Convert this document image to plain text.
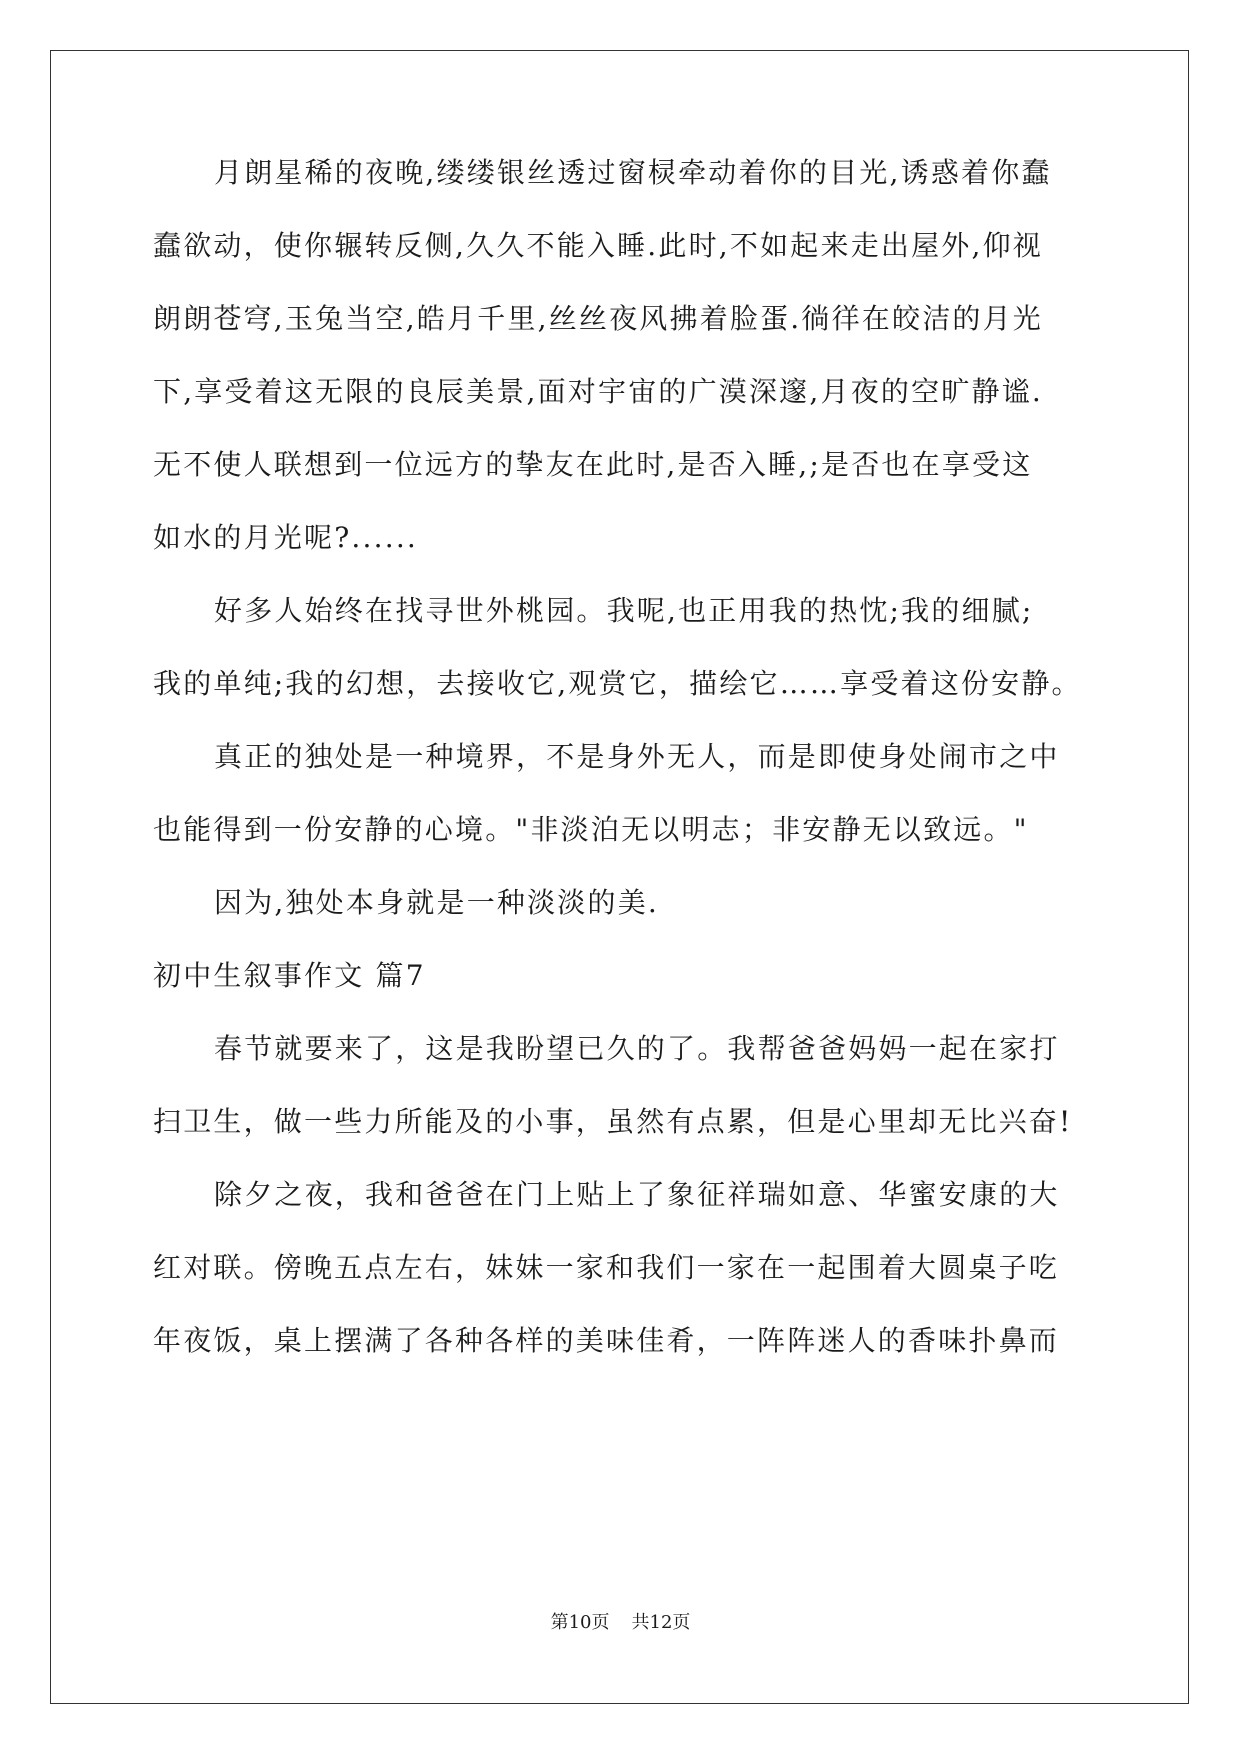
月朗星稀的夜晚,缕缕银丝透过窗棂牵动着你的目光,诱惑着你蠢
蠢欲动，使你辗转反侧,久久不能入睡.此时,不如起来走出屋外,仰视
朗朗苍穹,玉兔当空,皓月千里,丝丝夜风拂着脸蛋.徜徉在皎洁的月光
下,享受着这无限的良辰美景,面对宇宙的广漠深邃,月夜的空旷静谧.
无不使人联想到一位远方的挚友在此时,是否入睡,;是否也在享受这
如水的月光呢?......
好多人始终在找寻世外桃园。我呢,也正用我的热忱;我的细腻;
我的单纯;我的幻想，去接收它,观赏它，描绘它……享受着这份安静。
真正的独处是一种境界，不是身外无人，而是即使身处闹市之中
也能得到一份安静的心境。"非淡泊无以明志；非安静无以致远。"
因为,独处本身就是一种淡淡的美.
初中生叙事作文 篇7
春节就要来了，这是我盼望已久的了。我帮爸爸妈妈一起在家打
扫卫生，做一些力所能及的小事，虽然有点累，但是心里却无比兴奋!
除夕之夜，我和爸爸在门上贴上了象征祥瑞如意、华蜜安康的大
红对联。傍晚五点左右，妹妹一家和我们一家在一起围着大圆桌子吃
年夜饭，桌上摆满了各种各样的美味佳肴，一阵阵迷人的香味扑鼻而
第10页 共12页
